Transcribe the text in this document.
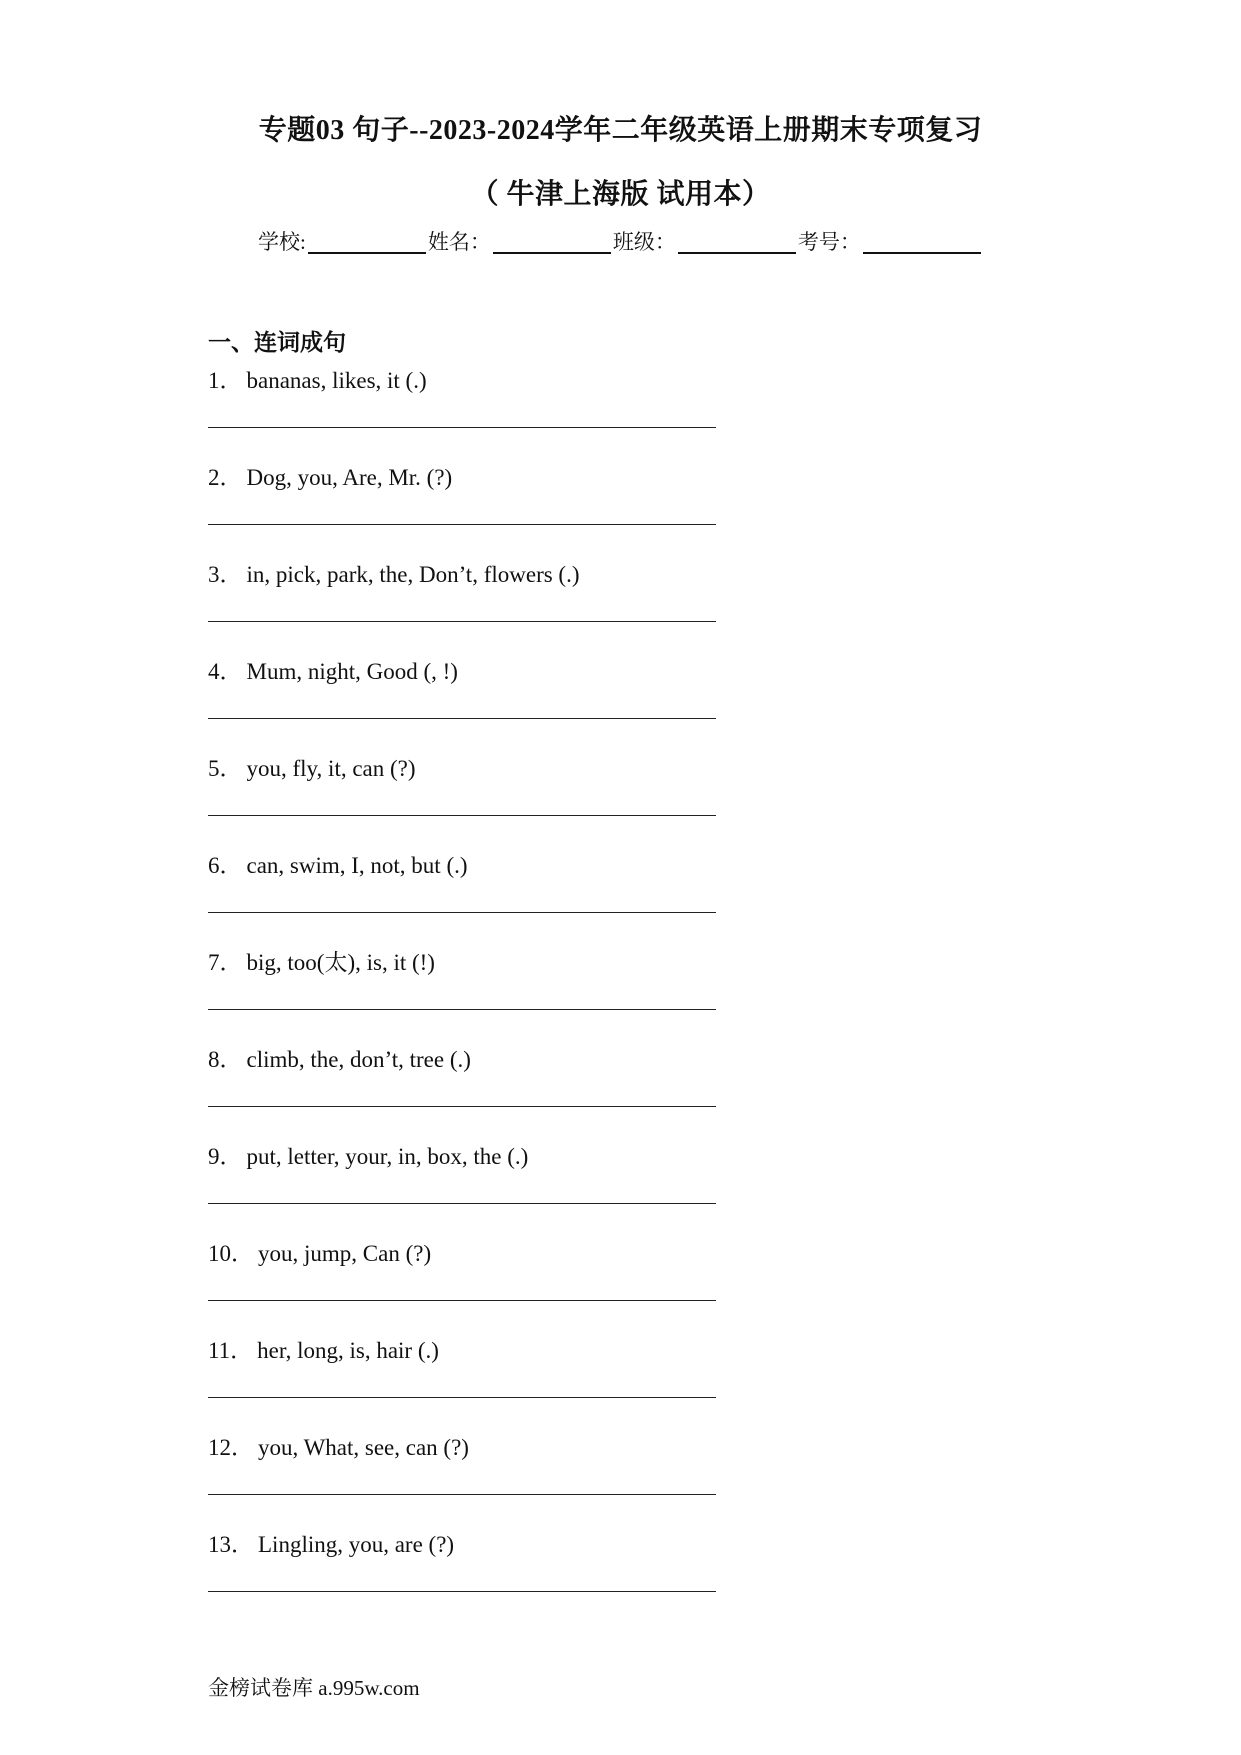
专题03 句子--2023-2024学年二年级英语上册期末专项复习
（ 牛津上海版 试用本）
学校:	姓名：	班级：	考号：
一、连词成句
1． bananas, likes, it (.)
2． Dog, you, Are, Mr. (?)
3． in, pick, park, the, Don’t, flowers (.)
4． Mum, night, Good (, !)
5． you, fly, it, can (?)
6． can, swim, I, not, but (.)
7． big, too(太), is, it (!)
8． climb, the, don’t, tree (.)
9． put, letter, your, in, box, the (.)
10． you, jump, Can (?)
11． her, long, is, hair (.)
12． you, What, see, can (?)
13． Lingling, you, are (?)
金榜试卷库 a.995w.com
